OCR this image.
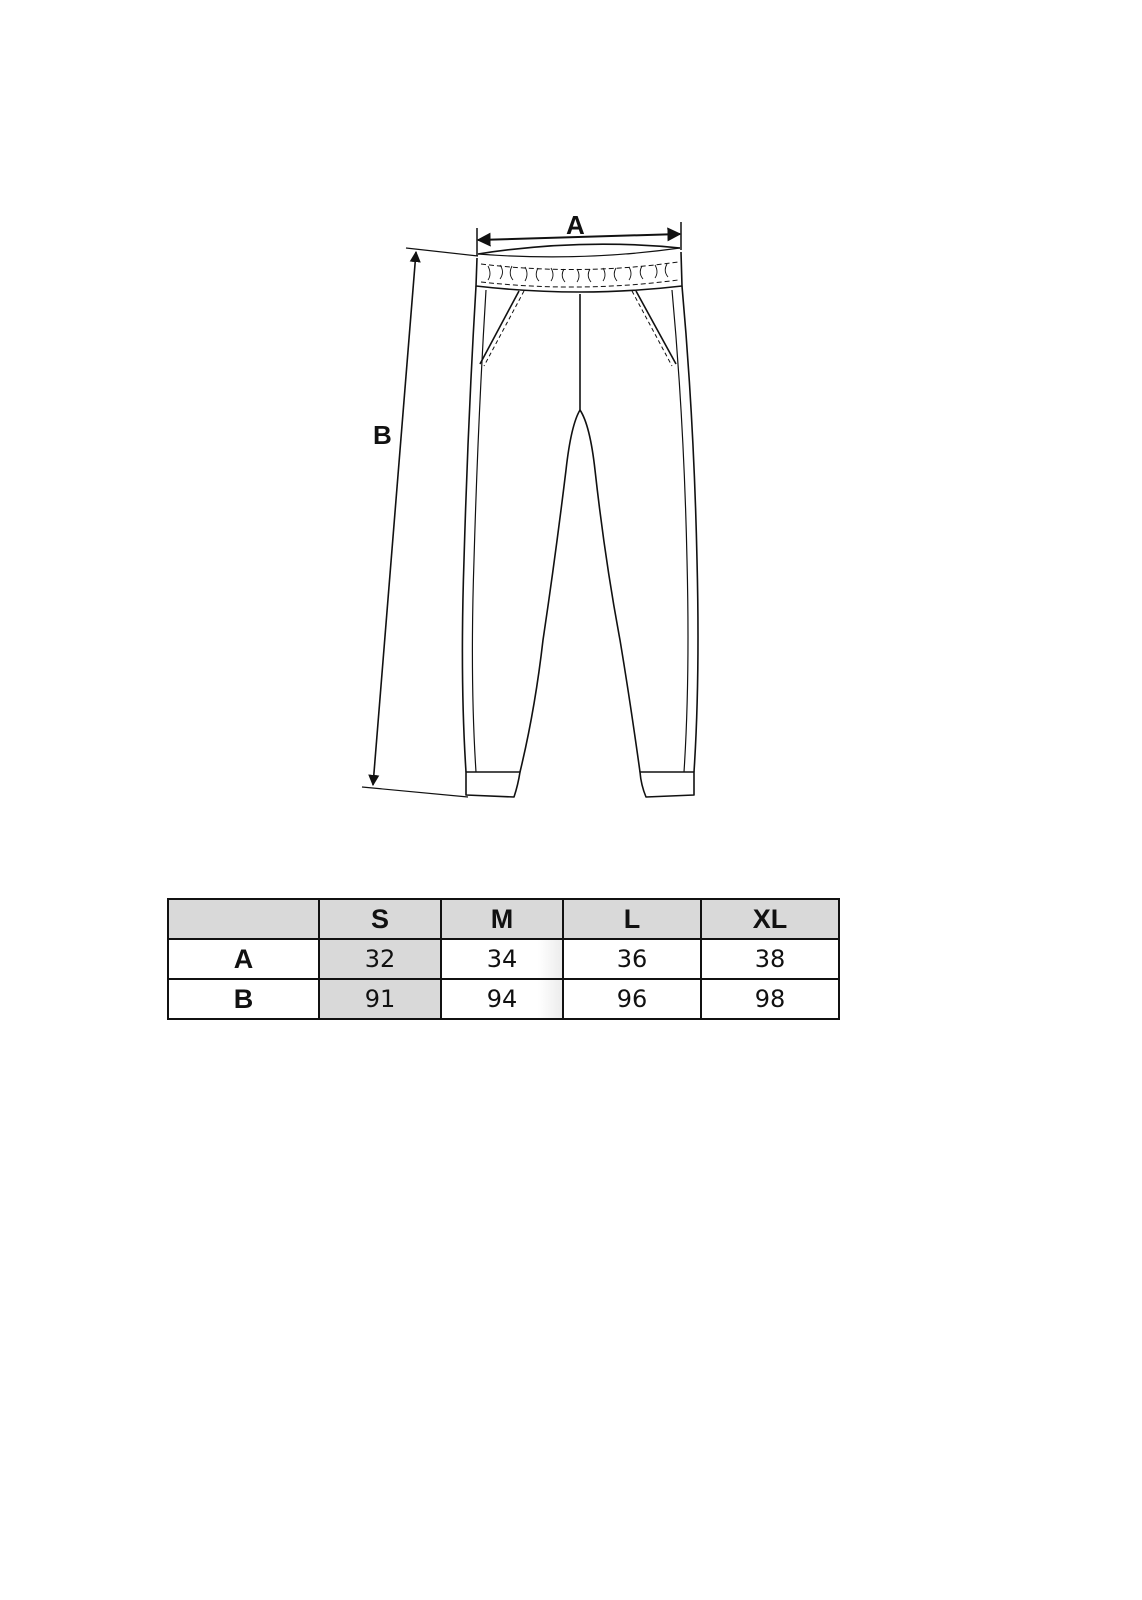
A
B
	S	M	L	XL
A	32	34	36	38
B	91	94	96	98
